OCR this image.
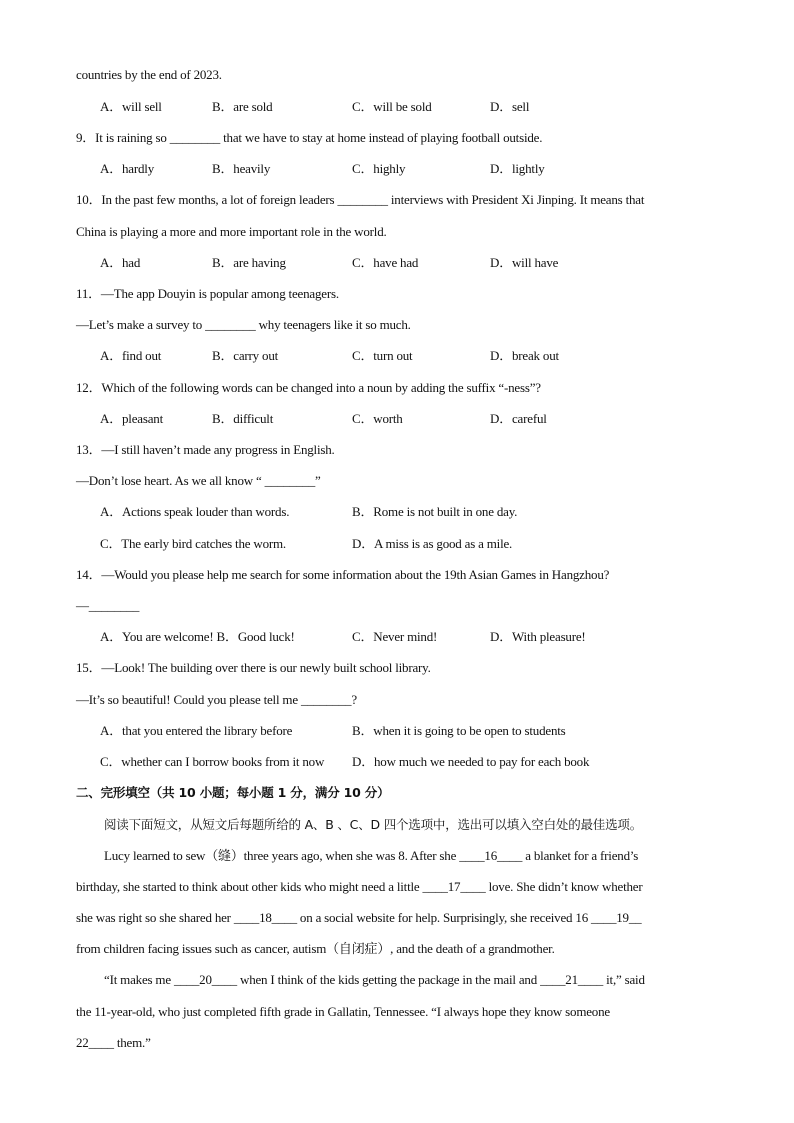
countries by the end of 2023.
A．will sell	B．are sold	C．will be sold	D．sell
9．It is raining so ________ that we have to stay at home instead of playing football outside.
A．hardly	B．heavily	C．highly	D．lightly
10．In the past few months, a lot of foreign leaders ________ interviews with President Xi Jinping. It means that
China is playing a more and more important role in the world.
A．had	B．are having	C．have had	D．will have
11．—The app Douyin is popular among teenagers.
—Let’s make a survey to ________ why teenagers like it so much.
A．find out	B．carry out	C．turn out	D．break out
12．Which of the following words can be changed into a noun by adding the suffix “-ness”?
A．pleasant	B．difficult	C．worth	D．careful
13．—I still haven’t made any progress in English.
—Don’t lose heart. As we all know “ ________”
A．Actions speak louder than words.	B．Rome is not built in one day.
C．The early bird catches the worm.	D．A miss is as good as a mile.
14．—Would you please help me search for some information about the 19th Asian Games in Hangzhou?
—________
A．You are welcome! B．Good luck!	C．Never mind!	D．With pleasure!
15．—Look! The building over there is our newly built school library.
—It’s so beautiful! Could you please tell me ________?
A．that you entered the library before	B．when it is going to be open to students
C．whether can I borrow books from it now D．how much we needed to pay for each book
二、完形填空（共 10 小题；每小题 1 分，满分 10 分）
阅读下面短文，从短文后每题所给的 A、B 、C、D 四个选项中，选出可以填入空白处的最佳选项。
Lucy learned to sew（缝）three years ago, when she was 8. After she ____16____ a blanket for a friend’s
birthday, she started to think about other kids who might need a little ____17____ love. She didn’t know whether
she was right so she shared her ____18____ on a social website for help. Surprisingly, she received 16 ____19__
from children facing issues such as cancer, autism（自闭症）, and the death of a grandmother.
“It makes me ____20____ when I think of the kids getting the package in the mail and ____21____ it,” said
the 11-year-old, who just completed fifth grade in Gallatin, Tennessee. “I always hope they know someone
22____ them.”
